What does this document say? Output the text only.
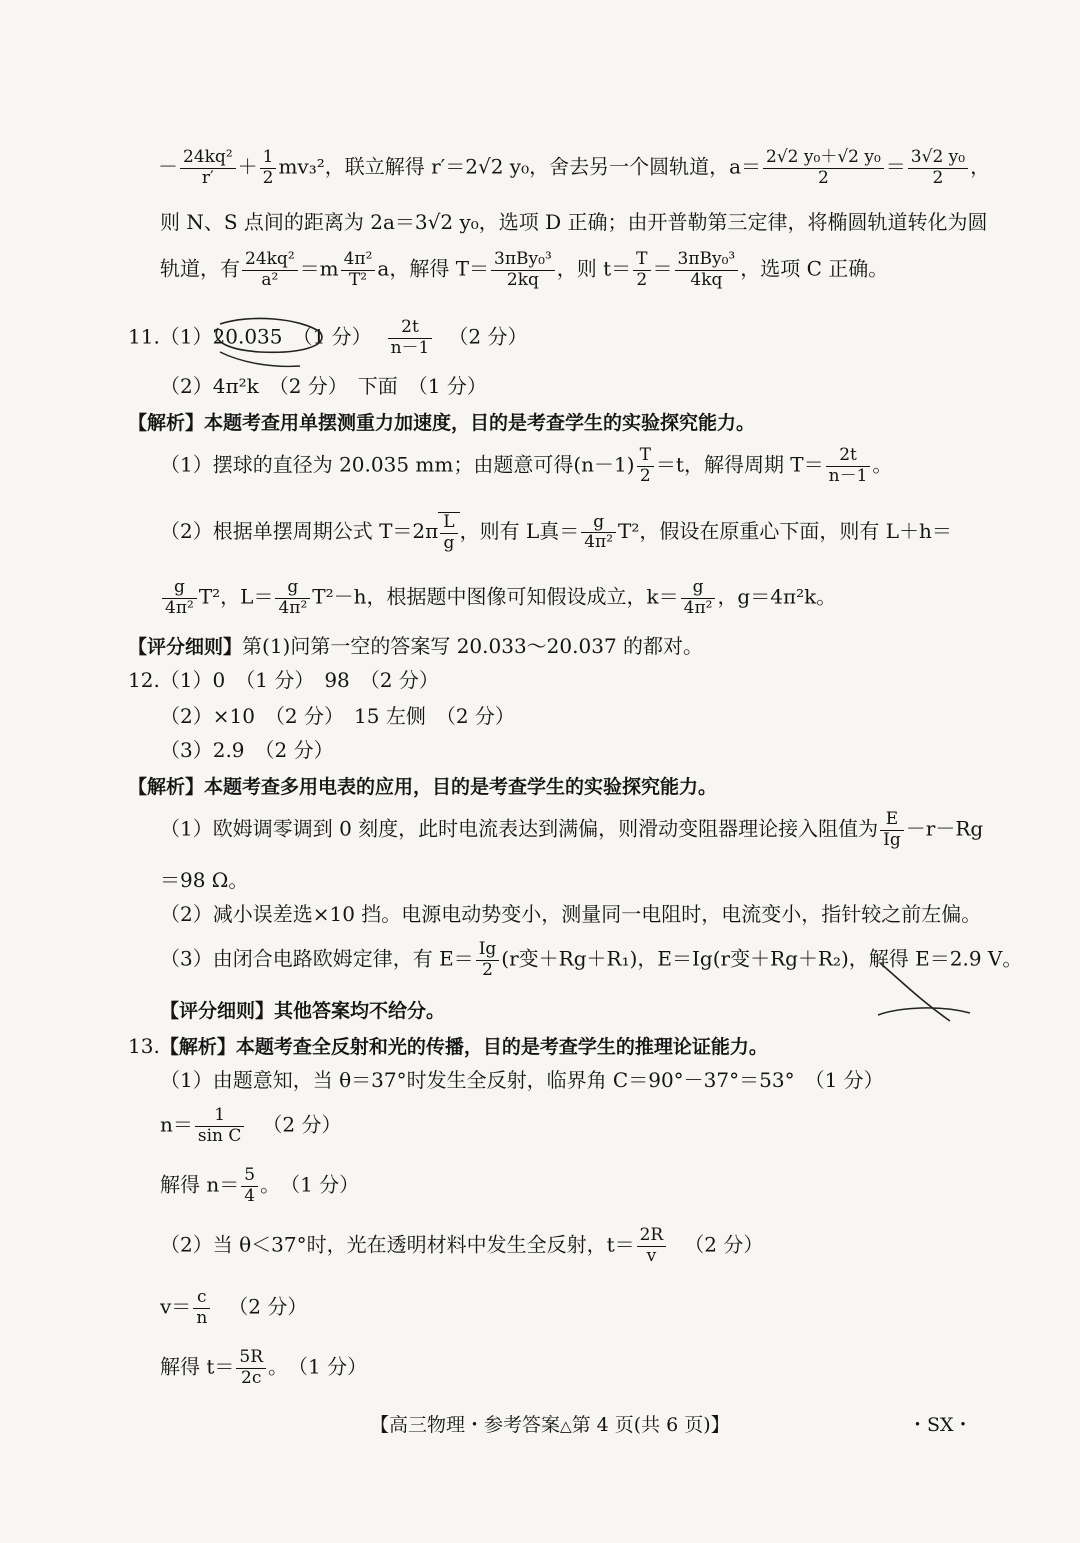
－ $\frac{\text{24kq²}}{r'} + \frac{1}{2} mv_3^2$，联立解得 r′＝2√2 y₀，舍去另一个圆轨道，$a= \frac{\text{2√2 y₀＋√2 y₀}}{2} = \frac{\text{3√2 y₀}}{2}$ ，
则 N、S 点间的距离为 2a＝3√2 y₀，选项 D 正确；由开普勒第三定律，将椭圆轨道转化为圆
轨道，有 $\frac{\text{24kq²}}{\text{a²}} =m \frac{\text{4π²}}{\text{T²}}$ a，解得 $T= \frac{\text{3πBy₀³}}{2kq}$ ，则 $t= \frac{T}{2} = \frac{\text{3πBy₀³}}{4kq}$ ，选项 C 正确。
11.（1）20.035　（1 分） $\frac{2t}{n-1} (2$ 分）
（2）4π²k　（2 分）　下面　（1 分）
【解析】本题考查用单摆测重力加速度，目的是考查学生的实验探究能力。
（1）摆球的直径为 20.035 mm；由题意可得$(n-1) \frac{T}{2} =t$，解得周期 $T= \frac{2t}{n-1}$ 。
（2）根据单摆周期公式 $T=2\pi \frac{L}{g}$ ，则有 L真＝ $\frac{g}{\text{4π²}} T^2$，假设在原重心下面，则有 L＋h＝
$\frac{g}{\text{4π²}} T^2$，$L= \frac{g}{\text{4π²}} T^2-h$，根据题中图像可知假设成立，$k= \frac{g}{\text{4π²}}$ ，g＝4π²k。
【评分细则】第(1)问第一空的答案写 20.033～20.037 的都对。
12.（1）0　（1 分）　98　（2 分）
（2）×10　（2 分）　15 左侧　（2 分）
（3）2.9　（2 分）
【解析】本题考查多用电表的应用，目的是考查学生的实验探究能力。
（1）欧姆调零调到 0 刻度，此时电流表达到满偏，则滑动变阻器理论接入阻值为 $\frac{E}{Ig} -r-Rg$
＝98 Ω。
（2）减小误差选×10 挡。电源电动势变小，测量同一电阻时，电流变小，指针较之前左偏。
（3）由闭合电路欧姆定律，有 $E= \frac{Ig}{2} (r$变＋Rg＋R₁)，E＝Ig(r变＋Rg＋R₂)，解得 E＝2.9 V。
【评分细则】其他答案均不给分。
13.【解析】本题考查全反射和光的传播，目的是考查学生的推理论证能力。
（1）由题意知，当 θ＝37°时发生全反射，临界角 C＝90°－37°＝53°　（1 分）
$n= \frac{1}{\text{sin C}} (2$ 分）
解得 $n= \frac{5}{4}$ 。　（1 分）
（2）当 θ＜37°时，光在透明材料中发生全反射，$t= \frac{2R}{v} (2$ 分）
$v= \frac{c}{n} (2$ 分）
解得 $t= \frac{5R}{2c}$ 。　（1 分）
【高三物理・参考答案△第 4 页(共 6 页)】	・SX・
